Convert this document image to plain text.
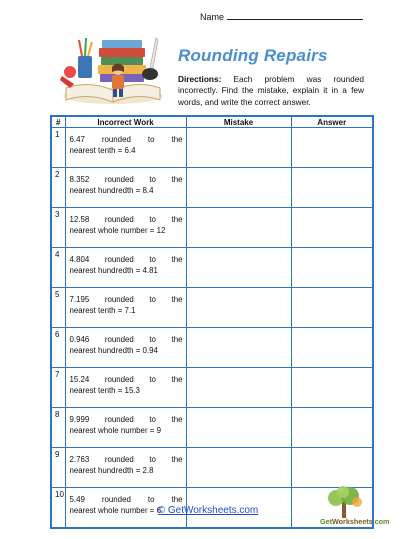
Name
Rounding Repairs
Directions: Each problem was rounded incorrectly. Find the mistake, explain it in a few words, and write the correct answer.
#	Incorrect Work	Mistake	Answer
1	6.47 rounded to the
nearest tenth = 6.4		

2	8.352 rounded to the
nearest hundredth = 8.4		

3	12.58 rounded to the
nearest whole number = 12		

4	4.804 rounded to the
nearest hundredth = 4.81		

5	7.195 rounded to the
nearest tenth = 7.1		

6	0.946 rounded to the
nearest hundredth = 0.94		

7	15.24 rounded to the
nearest tenth = 15.3		

8	9.999 rounded to the
nearest whole number = 9		

9	2.763 rounded to the
nearest hundredth = 2.8		

10	5.49 rounded to the
nearest whole number = 6		

© GetWorksheets.com
GetWorksheets.com
